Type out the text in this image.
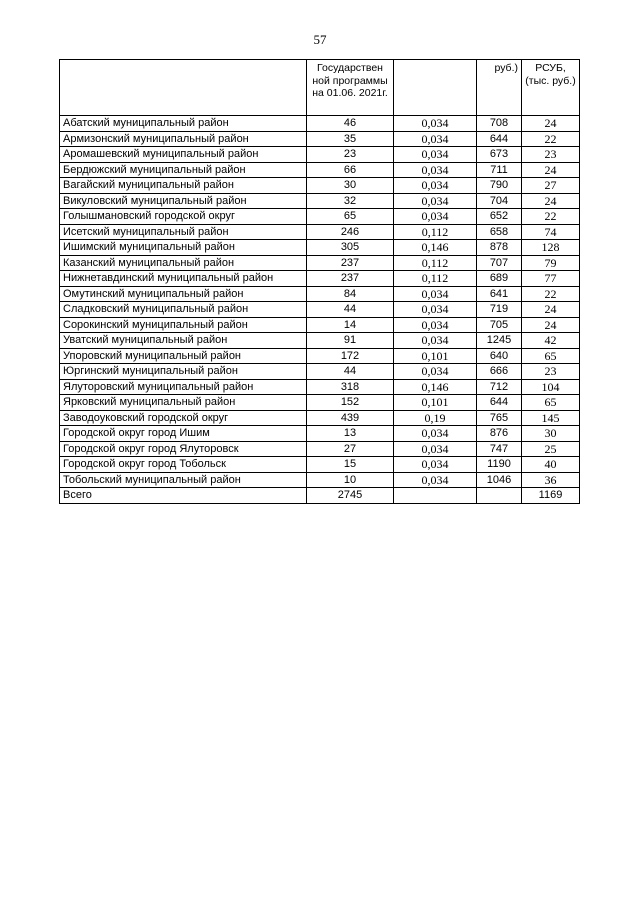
57
	Государствен ной программы на 01.06. 2021г.		руб.)	РСУБ, (тыс. руб.)
Абатский муниципальный район	46	0,034	708	24
Армизонский муниципальный район	35	0,034	644	22
Аромашевский муниципальный район	23	0,034	673	23
Бердюжский муниципальный район	66	0,034	711	24
Вагайский муниципальный район	30	0,034	790	27
Викуловский муниципальный район	32	0,034	704	24
Голышмановский городской округ	65	0,034	652	22
Исетский муниципальный район	246	0,112	658	74
Ишимский муниципальный район	305	0,146	878	128
Казанский муниципальный район	237	0,112	707	79
Нижнетавдинский муниципальный район	237	0,112	689	77
Омутинский муниципальный район	84	0,034	641	22
Сладковский муниципальный район	44	0,034	719	24
Сорокинский муниципальный район	14	0,034	705	24
Уватский муниципальный район	91	0,034	1245	42
Упоровский муниципальный район	172	0,101	640	65
Юргинский муниципальный район	44	0,034	666	23
Ялуторовский муниципальный район	318	0,146	712	104
Ярковский муниципальный район	152	0,101	644	65
Заводоуковский городской округ	439	0,19	765	145
Городской округ город Ишим	13	0,034	876	30
Городской округ город Ялуторовск	27	0,034	747	25
Городской округ город Тобольск	15	0,034	1190	40
Тобольский муниципальный район	10	0,034	1046	36
Всего	2745			1169
